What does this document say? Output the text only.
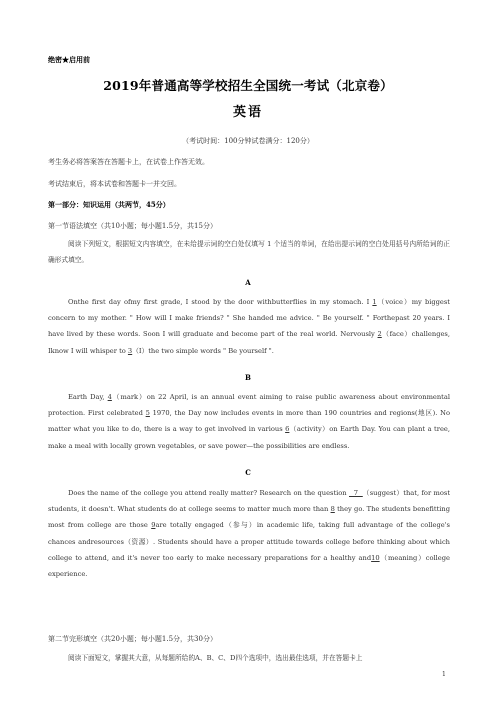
绝密★启用前
2019年普通高等学校招生全国统一考试（北京卷）
英语
（考试时间：100分钟试卷满分：120分）
考生务必将答案答在答题卡上，在试卷上作答无效。
考试结束后，将本试卷和答题卡一并交回。
第一部分：知识运用（共两节，45分）
第一节语法填空（共10小题；每小题1.5分，共15分）
阅读下列短文，根据短文内容填空，在未给提示词的空白处仅填写 1 个适当的单词，在给出提示词的空白处用括号内所给词的正确形式填空。
A
Onthe first day ofmy first grade, I stood by the door withbutterflies in my stomach. I 1（voice）my biggest concern to my mother. " How will I make friends? " She handed me advice. " Be yourself. " Forthepast 20 years. I have lived by these words. Soon I will graduate and become part of the real world. Nervously 2（face）challenges, Iknow I will whisper to 3（I）the two simple words " Be yourself ".
B
Earth Day, 4（mark）on 22 April, is an annual event aiming to raise public awareness about environmental protection. First celebrated 5 1970, the Day now includes events in more than 190 countries and regions(地区). No matter what you like to do, there is a way to get involved in various 6（activity）on Earth Day. You can plant a tree, make a meal with locally grown vegetables, or save power—the possibilities are endless.
C
Does the name of the college you attend really matter? Research on the question   7  （suggest）that, for most students, it doesn't. What students do at college seems to matter much more than 8 they go. The students benefitting most from college are those 9are totally engaged（参与）in academic life, taking full advantage of the college's chances andresources（资源）. Students should have a proper attitude towards college before thinking about which college to attend, and it's never too early to make necessary preparations for a healthy and10（meaning）college experience.
第二节完形填空（共20小题；每小题1.5分，共30分）
阅读下面短文，掌握其大意，从每题所给的A、B、C、D四个选项中，选出最佳选项，并在答题卡上
1
